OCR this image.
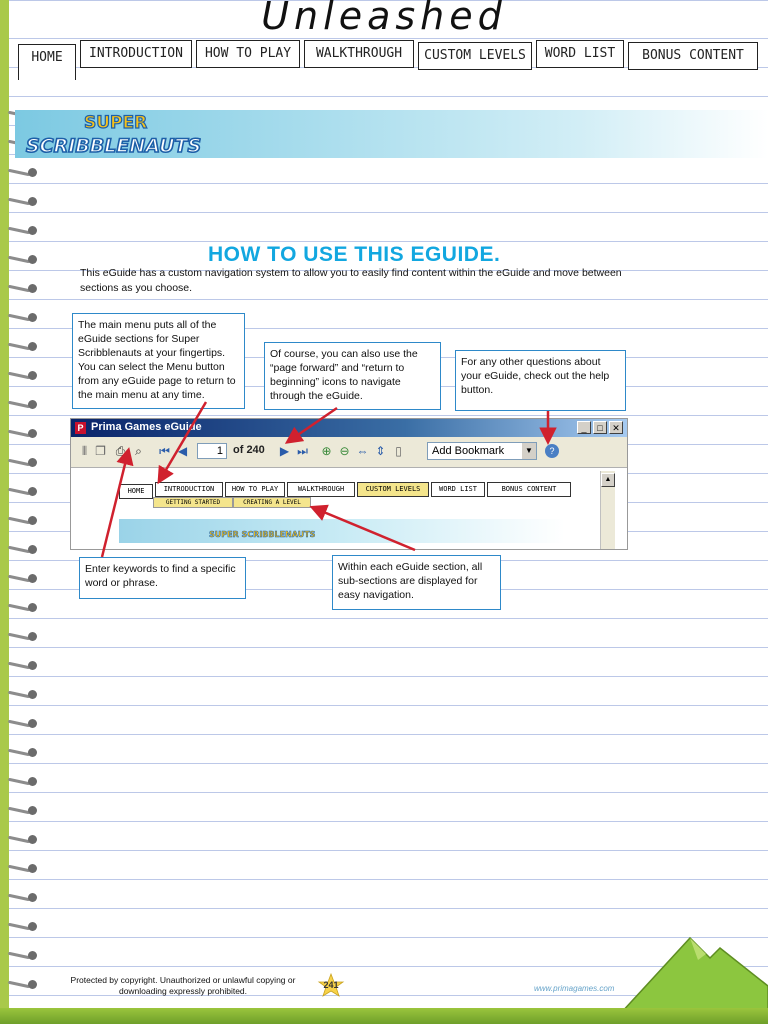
Unleashed
HOME	INTRODUCTION	HOW TO PLAY	WALKTHROUGH	CUSTOM LEVELS	WORD LIST	BONUS CONTENT
SUPER
SCRIBBLENAUTS
HOW TO USE THIS EGUIDE.
This eGuide has a custom navigation system to allow you to easily find content within the eGuide and move between sections as you choose.
The main menu puts all of the eGuide sections for Super Scribblenauts at your fingertips. You can select the Menu button from any eGuide page to return to the main menu at any time.
Of course, you can also use the “page forward” and “return to beginning” icons to navigate through the eGuide.
For any other questions about your eGuide, check out the help button.
P Prima Games eGuide	_	□	✕
⦀ ❐ ⎙ ⌕	⏮ ◀	1 of 240 ▶ ⏭ ⊕ ⊖ ⇔ ⇕ ▯	Add Bookmark	▼	?
▲
SUPER SCRIBBLENAUTS
HOME	INTRODUCTION	HOW TO PLAY	WALKTHROUGH	CUSTOM LEVELS	WORD LIST	BONUS CONTENT
GETTING STARTED	CREATING A LEVEL
Enter keywords to find a specific word or phrase.
Within each eGuide section, all sub-sections are displayed for easy navigation.
Protected by copyright. Unauthorized or unlawful copying or downloading expressly prohibited.
241	www.primagames.com
